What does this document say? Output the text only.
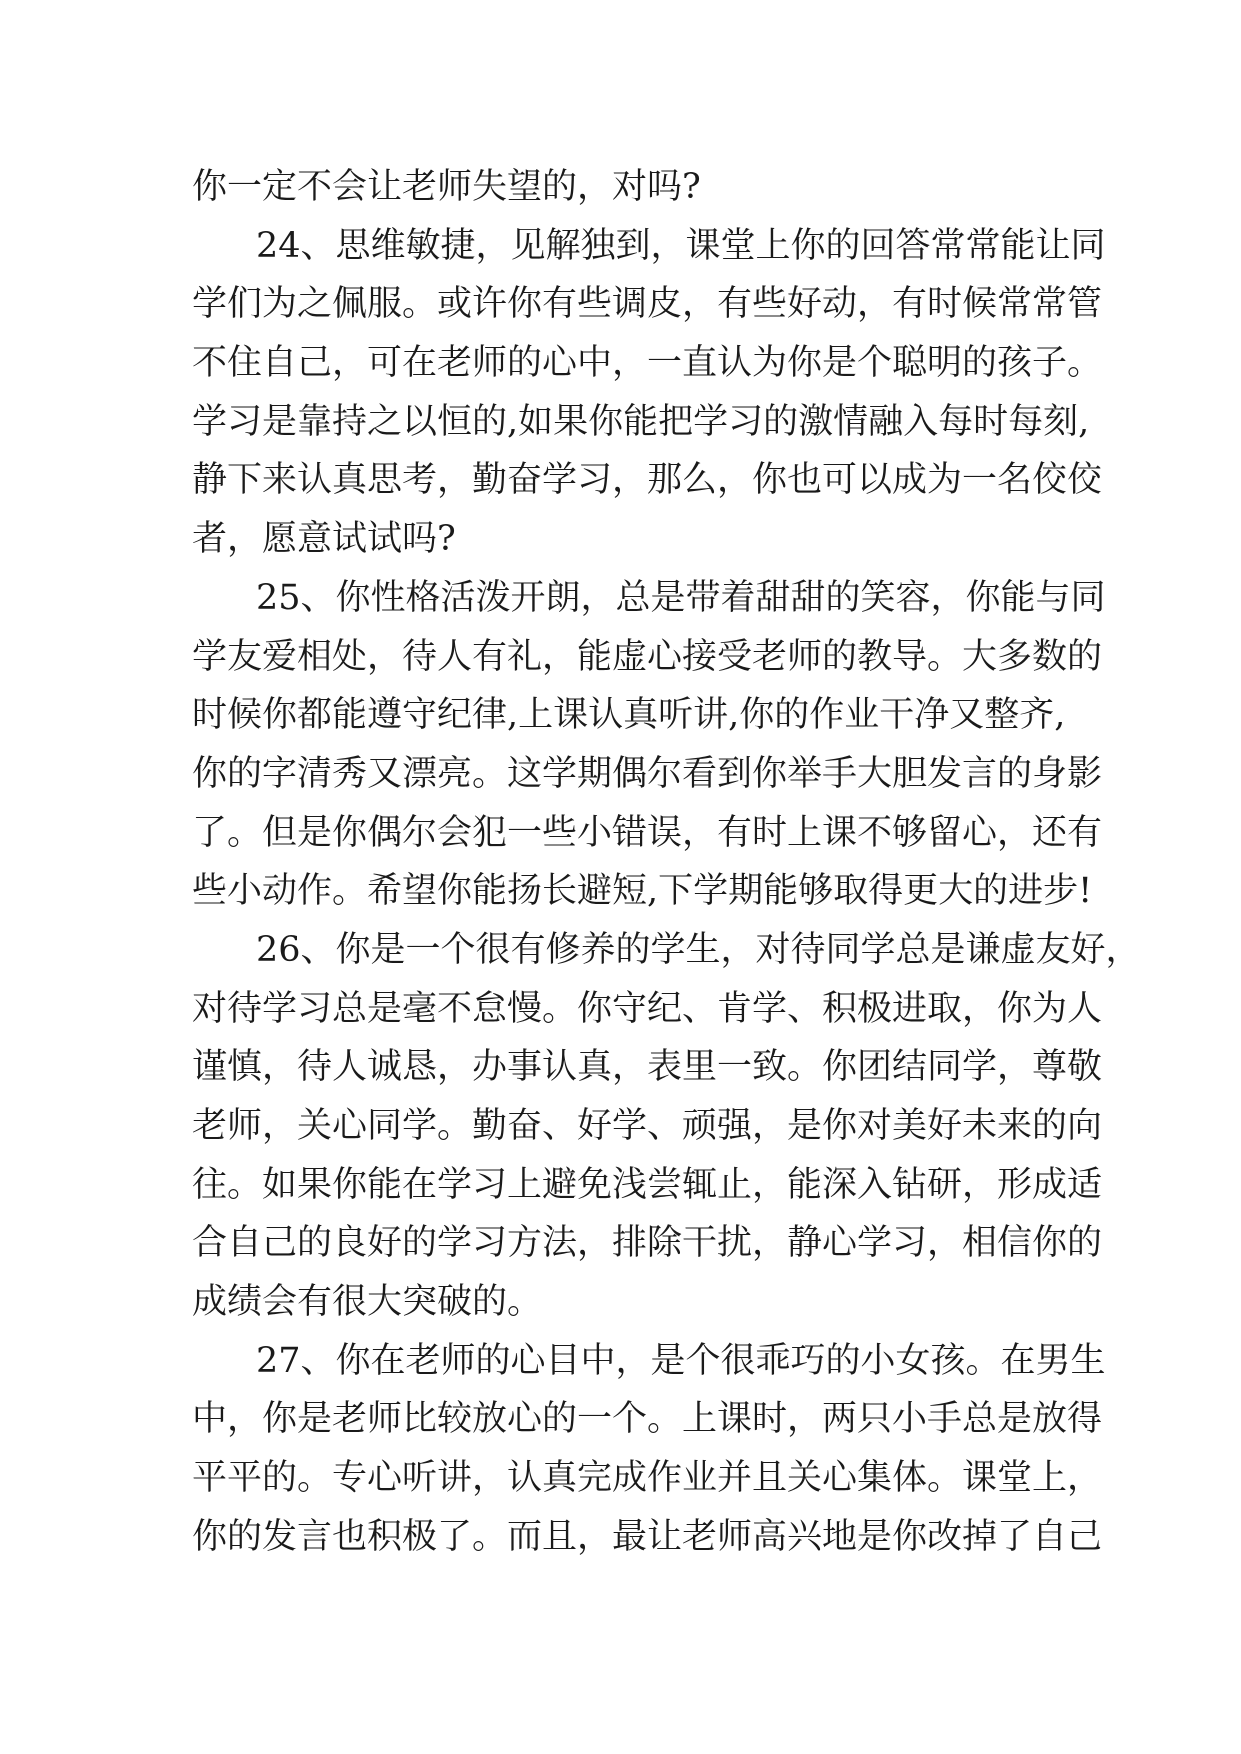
你一定不会让老师失望的，对吗?
24、思维敏捷，见解独到，课堂上你的回答常常能让同
学们为之佩服。或许你有些调皮，有些好动，有时候常常管
不住自己，可在老师的心中，一直认为你是个聪明的孩子。
学习是靠持之以恒的,如果你能把学习的激情融入每时每刻,
静下来认真思考，勤奋学习，那么，你也可以成为一名佼佼
者，愿意试试吗?
25、你性格活泼开朗，总是带着甜甜的笑容，你能与同
学友爱相处，待人有礼，能虚心接受老师的教导。大多数的
时候你都能遵守纪律,上课认真听讲,你的作业干净又整齐,
你的字清秀又漂亮。这学期偶尔看到你举手大胆发言的身影
了。但是你偶尔会犯一些小错误，有时上课不够留心，还有
些小动作。希望你能扬长避短,下学期能够取得更大的进步!
26、你是一个很有修养的学生，对待同学总是谦虚友好，
对待学习总是毫不怠慢。你守纪、肯学、积极进取，你为人
谨慎，待人诚恳，办事认真，表里一致。你团结同学，尊敬
老师，关心同学。勤奋、好学、顽强，是你对美好未来的向
往。如果你能在学习上避免浅尝辄止，能深入钻研，形成适
合自己的良好的学习方法，排除干扰，静心学习，相信你的
成绩会有很大突破的。
27、你在老师的心目中，是个很乖巧的小女孩。在男生
中，你是老师比较放心的一个。上课时，两只小手总是放得
平平的。专心听讲，认真完成作业并且关心集体。课堂上，
你的发言也积极了。而且，最让老师高兴地是你改掉了自己
